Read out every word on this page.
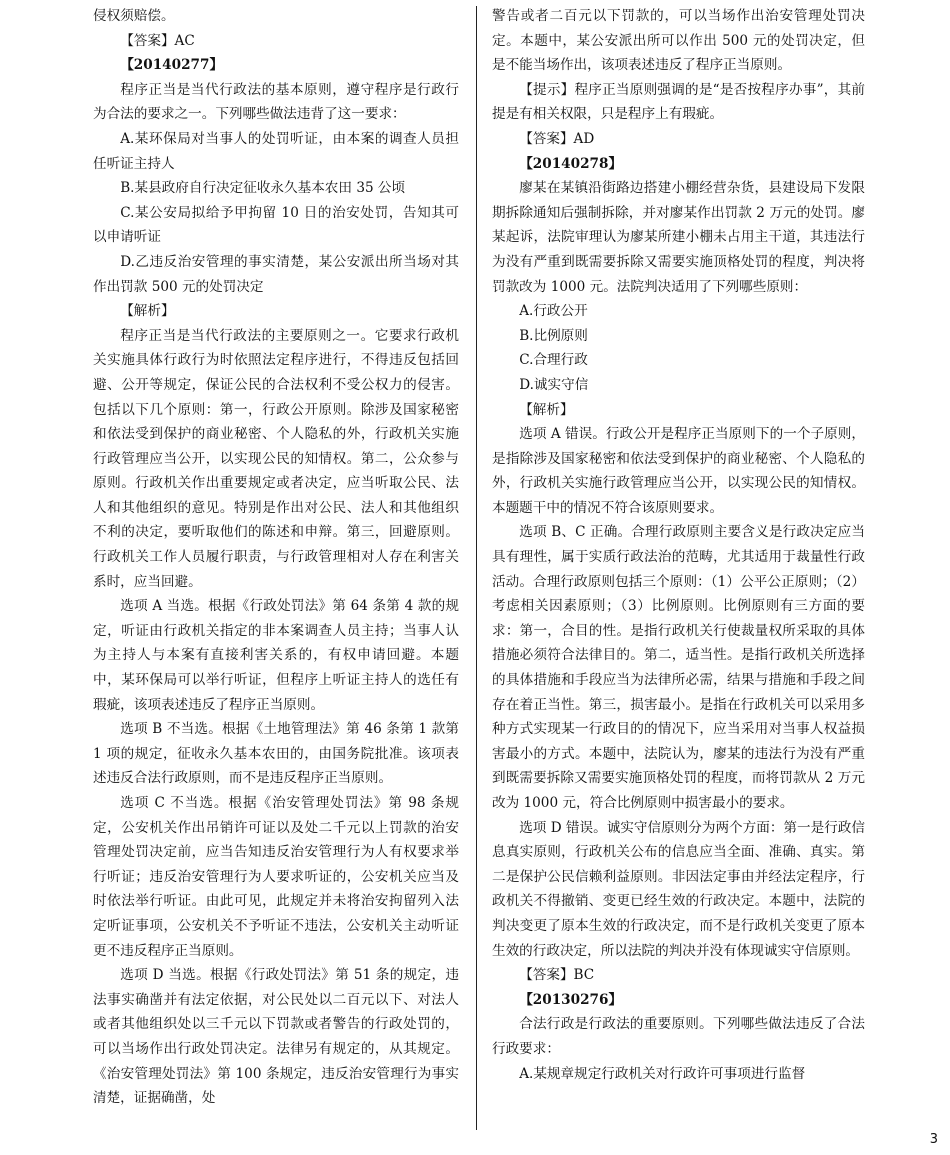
侵权须赔偿。

【答案】AC

【20140277】

程序正当是当代行政法的基本原则，遵守程序是行政行为合法的要求之一。下列哪些做法违背了这一要求：

A.某环保局对当事人的处罚听证，由本案的调查人员担任听证主持人

B.某县政府自行决定征收永久基本农田 35 公顷

C.某公安局拟给予甲拘留 10 日的治安处罚，告知其可以申请听证

D.乙违反治安管理的事实清楚，某公安派出所当场对其作出罚款 500 元的处罚决定

【解析】

程序正当是当代行政法的主要原则之一。它要求行政机关实施具体行政行为时依照法定程序进行，不得违反包括回避、公开等规定，保证公民的合法权利不受公权力的侵害。包括以下几个原则：第一，行政公开原则。除涉及国家秘密和依法受到保护的商业秘密、个人隐私的外，行政机关实施行政管理应当公开，以实现公民的知情权。第二，公众参与原则。行政机关作出重要规定或者决定，应当听取公民、法人和其他组织的意见。特别是作出对公民、法人和其他组织不利的决定，要听取他们的陈述和申辩。第三，回避原则。行政机关工作人员履行职责，与行政管理相对人存在利害关系时，应当回避。

选项 A 当选。根据《行政处罚法》第 64 条第 4 款的规定，听证由行政机关指定的非本案调查人员主持；当事人认为主持人与本案有直接利害关系的，有权申请回避。本题中，某环保局可以举行听证，但程序上听证主持人的选任有瑕疵，该项表述违反了程序正当原则。

选项 B 不当选。根据《土地管理法》第 46 条第 1 款第 1 项的规定，征收永久基本农田的，由国务院批准。该项表述违反合法行政原则，而不是违反程序正当原则。

选项 C 不当选。根据《治安管理处罚法》第 98 条规定，公安机关作出吊销许可证以及处二千元以上罚款的治安管理处罚决定前，应当告知违反治安管理行为人有权要求举行听证；违反治安管理行为人要求听证的，公安机关应当及时依法举行听证。由此可见，此规定并未将治安拘留列入法定听证事项，公安机关不予听证不违法，公安机关主动听证更不违反程序正当原则。

选项 D 当选。根据《行政处罚法》第 51 条的规定，违法事实确凿并有法定依据，对公民处以二百元以下、对法人或者其他组织处以三千元以下罚款或者警告的行政处罚的，可以当场作出行政处罚决定。法律另有规定的，从其规定。《治安管理处罚法》第 100 条规定，违反治安管理行为事实清楚，证据确凿，处

警告或者二百元以下罚款的，可以当场作出治安管理处罚决定。本题中，某公安派出所可以作出 500 元的处罚决定，但是不能当场作出，该项表述违反了程序正当原则。

【提示】程序正当原则强调的是“是否按程序办事”，其前提是有相关权限，只是程序上有瑕疵。

【答案】AD

【20140278】

廖某在某镇沿街路边搭建小棚经营杂货，县建设局下发限期拆除通知后强制拆除，并对廖某作出罚款 2 万元的处罚。廖某起诉，法院审理认为廖某所建小棚未占用主干道，其违法行为没有严重到既需要拆除又需要实施顶格处罚的程度，判决将罚款改为 1000 元。法院判决适用了下列哪些原则：

A.行政公开

B.比例原则

C.合理行政

D.诚实守信

【解析】

选项 A 错误。行政公开是程序正当原则下的一个子原则，是指除涉及国家秘密和依法受到保护的商业秘密、个人隐私的外，行政机关实施行政管理应当公开，以实现公民的知情权。本题题干中的情况不符合该原则要求。

选项 B、C 正确。合理行政原则主要含义是行政决定应当具有理性，属于实质行政法治的范畴，尤其适用于裁量性行政活动。合理行政原则包括三个原则：（1）公平公正原则；（2）考虑相关因素原则；（3）比例原则。比例原则有三方面的要求：第一，合目的性。是指行政机关行使裁量权所采取的具体措施必须符合法律目的。第二，适当性。是指行政机关所选择的具体措施和手段应当为法律所必需，结果与措施和手段之间存在着正当性。第三，损害最小。是指在行政机关可以采用多种方式实现某一行政目的的情况下，应当采用对当事人权益损害最小的方式。本题中，法院认为，廖某的违法行为没有严重到既需要拆除又需要实施顶格处罚的程度，而将罚款从 2 万元改为 1000 元，符合比例原则中损害最小的要求。

选项 D 错误。诚实守信原则分为两个方面：第一是行政信息真实原则，行政机关公布的信息应当全面、准确、真实。第二是保护公民信赖利益原则。非因法定事由并经法定程序，行政机关不得撤销、变更已经生效的行政决定。本题中，法院的判决变更了原本生效的行政决定，而不是行政机关变更了原本生效的行政决定，所以法院的判决并没有体现诚实守信原则。

【答案】BC

【20130276】

合法行政是行政法的重要原则。下列哪些做法违反了合法行政要求：

A.某规章规定行政机关对行政许可事项进行监督

3
